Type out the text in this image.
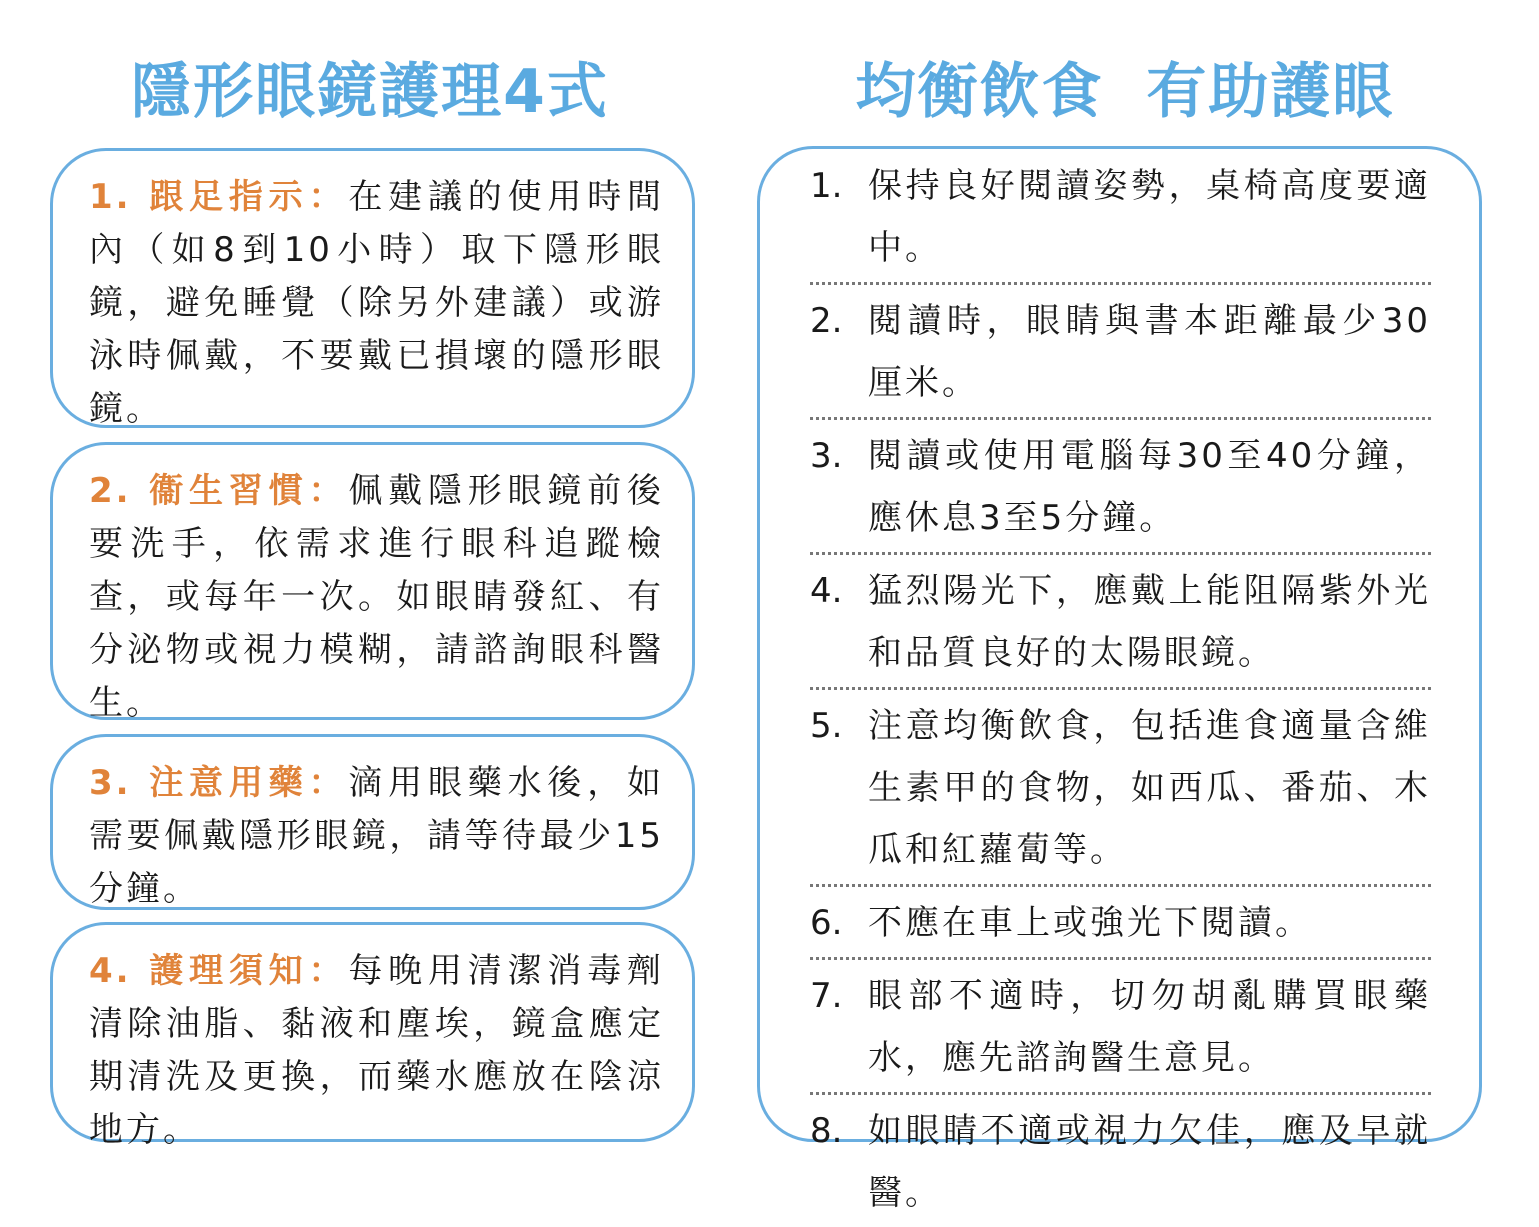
隱形眼鏡護理4式	均衡飲食 有助護眼

1. 跟足指示：在建議的使用時間內（如8到10小時）取下隱形眼鏡，避免睡覺（除另外建議）或游泳時佩戴，不要戴已損壞的隱形眼鏡。

2. 衞生習慣：佩戴隱形眼鏡前後要洗手，依需求進行眼科追蹤檢查，或每年一次。如眼睛發紅、有分泌物或視力模糊，請諮詢眼科醫生。

3. 注意用藥：滴用眼藥水後，如需要佩戴隱形眼鏡，請等待最少15分鐘。

4. 護理須知：每晚用清潔消毒劑清除油脂、黏液和塵埃，鏡盒應定期清洗及更換，而藥水應放在陰涼地方。

1. 保持良好閱讀姿勢，桌椅高度要適中。
2. 閱讀時，眼睛與書本距離最少30厘米。
3. 閱讀或使用電腦每30至40分鐘，應休息3至5分鐘。
4. 猛烈陽光下，應戴上能阻隔紫外光和品質良好的太陽眼鏡。
5. 注意均衡飲食，包括進食適量含維生素甲的食物，如西瓜、番茄、木瓜和紅蘿蔔等。
6. 不應在車上或強光下閱讀。
7. 眼部不適時，切勿胡亂購買眼藥水，應先諮詢醫生意見。
8. 如眼睛不適或視力欠佳，應及早就醫。
